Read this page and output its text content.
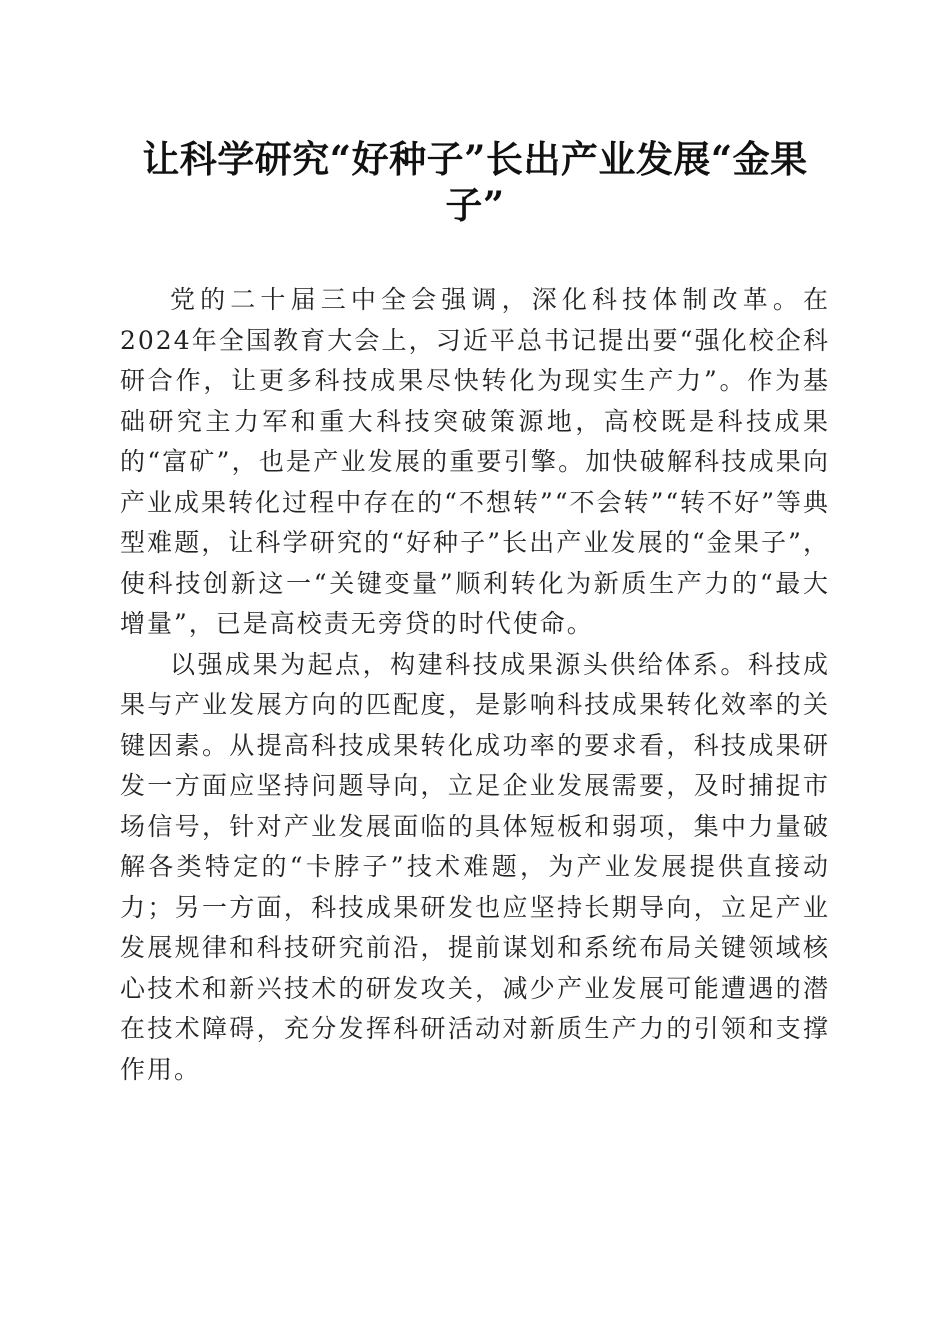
让科学研究“好种子”长出产业发展“金果子”

党的二十届三中全会强调，深化科技体制改革。在2024年全国教育大会上，习近平总书记提出要“强化校企科研合作，让更多科技成果尽快转化为现实生产力”。作为基础研究主力军和重大科技突破策源地，高校既是科技成果的“富矿”，也是产业发展的重要引擎。加快破解科技成果向产业成果转化过程中存在的“不想转”“不会转”“转不好”等典型难题，让科学研究的“好种子”长出产业发展的“金果子”，使科技创新这一“关键变量”顺利转化为新质生产力的“最大增量”，已是高校责无旁贷的时代使命。

以强成果为起点，构建科技成果源头供给体系。科技成果与产业发展方向的匹配度，是影响科技成果转化效率的关键因素。从提高科技成果转化成功率的要求看，科技成果研发一方面应坚持问题导向，立足企业发展需要，及时捕捉市场信号，针对产业发展面临的具体短板和弱项，集中力量破解各类特定的“卡脖子”技术难题，为产业发展提供直接动力；另一方面，科技成果研发也应坚持长期导向，立足产业发展规律和科技研究前沿，提前谋划和系统布局关键领域核心技术和新兴技术的研发攻关，减少产业发展可能遭遇的潜在技术障碍，充分发挥科研活动对新质生产力的引领和支撑作用。
